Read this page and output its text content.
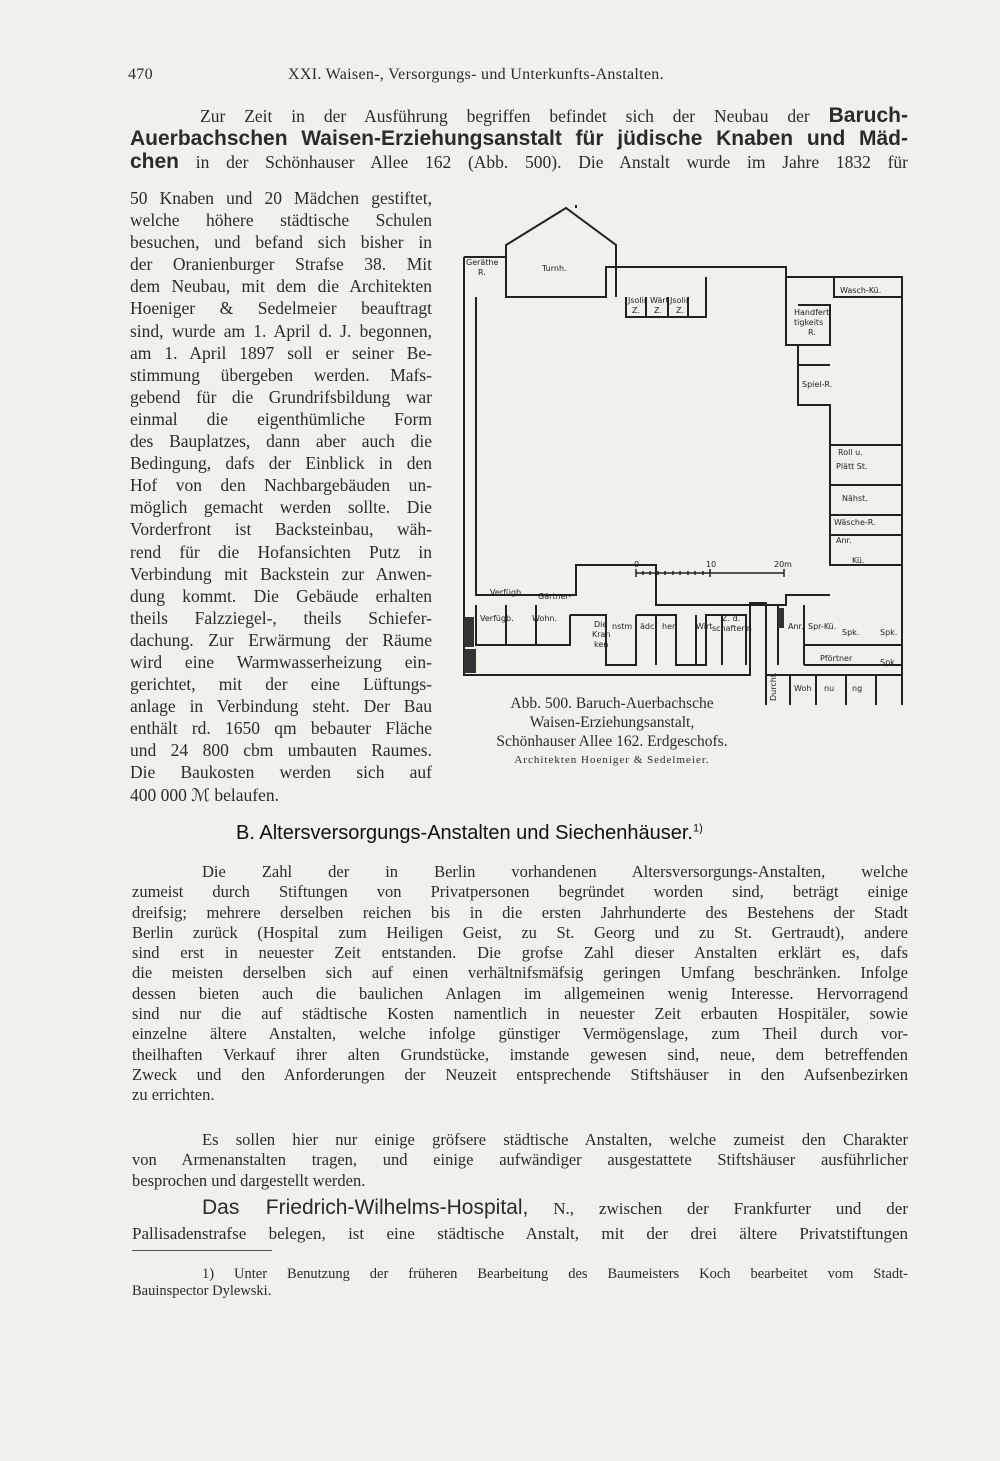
470	XXI. Waisen-, Versorgungs- und Unterkunfts-Anstalten.
Zur Zeit in der Ausführung begriffen befindet sich der Neubau der Baruch-
Auerbachschen Waisen-Erziehungsanstalt für jüdische Knaben und Mäd-
chen in der Schönhauser Allee 162 (Abb. 500). Die Anstalt wurde im Jahre 1832 für
50 Knaben und 20 Mädchen gestiftet,
welche höhere städtische Schulen
besuchen, und befand sich bisher in
der Oranienburger Strafse 38. Mit
dem Neubau, mit dem die Architekten
Hoeniger & Sedelmeier beauftragt
sind, wurde am 1. April d. J. begonnen,
am 1. April 1897 soll er seiner Be-
stimmung übergeben werden. Mafs-
gebend für die Grundrifsbildung war
einmal die eigenthümliche Form
des Bauplatzes, dann aber auch die
Bedingung, dafs der Einblick in den
Hof von den Nachbargebäuden un-
möglich gemacht werden sollte. Die
Vorderfront ist Backsteinbau, wäh-
rend für die Hofansichten Putz in
Verbindung mit Backstein zur Anwen-
dung kommt. Die Gebäude erhalten
theils Falzziegel-, theils Schiefer-
dachung. Zur Erwärmung der Räume
wird eine Warmwasserheizung ein-
gerichtet, mit der eine Lüftungs-
anlage in Verbindung steht. Der Bau
enthält rd. 1650 qm bebauter Fläche
und 24 800 cbm umbauten Raumes.
Die Baukosten werden sich auf
400 000 ℳ belaufen.
Geräthe
R.	Turnh.
Jsolir
Z.
Wärt
Z.
Jsolir
Z.
Wasch-Kü.
Handfert
tigkeits
R.
Spiel-R.
Roll u.
Plätt St.
Nähst.
Wäsche-R.
Anr.
Kü.
0	10	20m
Verfügb. Gärtner-
Verfügb. Wohn.
Die
Kran
ken
nstm ädc hen Wirt
Z. d.
schafterin	Anr. Spr-Kü.
Spk.	Spk.
Spk.
Pförtner
Durchf. Woh nu ng
Abb. 500. Baruch-Auerbachsche
Waisen-Erziehungsanstalt,
Schönhauser Allee 162. Erdgeschofs.
Architekten Hoeniger & Sedelmeier.
B. Altersversorgungs-Anstalten und Siechenhäuser.$^{1)}$
Die Zahl der in Berlin vorhandenen Altersversorgungs-Anstalten, welche
zumeist durch Stiftungen von Privatpersonen begründet worden sind, beträgt einige
dreifsig; mehrere derselben reichen bis in die ersten Jahrhunderte des Bestehens der Stadt
Berlin zurück (Hospital zum Heiligen Geist, zu St. Georg und zu St. Gertraudt), andere
sind erst in neuester Zeit entstanden. Die grofse Zahl dieser Anstalten erklärt es, dafs
die meisten derselben sich auf einen verhältnifsmäfsig geringen Umfang beschränken. Infolge
dessen bieten auch die baulichen Anlagen im allgemeinen wenig Interesse. Hervorragend
sind nur die auf städtische Kosten namentlich in neuester Zeit erbauten Hospitäler, sowie
einzelne ältere Anstalten, welche infolge günstiger Vermögenslage, zum Theil durch vor-
theilhaften Verkauf ihrer alten Grundstücke, imstande gewesen sind, neue, dem betreffenden
Zweck und den Anforderungen der Neuzeit entsprechende Stiftshäuser in den Aufsenbezirken
zu errichten.
Es sollen hier nur einige gröfsere städtische Anstalten, welche zumeist den Charakter
von Armenanstalten tragen, und einige aufwändiger ausgestattete Stiftshäuser ausführlicher
besprochen und dargestellt werden.
Das Friedrich-Wilhelms-Hospital, N., zwischen der Frankfurter und der
Pallisadenstrafse belegen, ist eine städtische Anstalt, mit der drei ältere Privatstiftungen
1) Unter Benutzung der früheren Bearbeitung des Baumeisters Koch bearbeitet vom Stadt-
Bauinspector Dylewski.
